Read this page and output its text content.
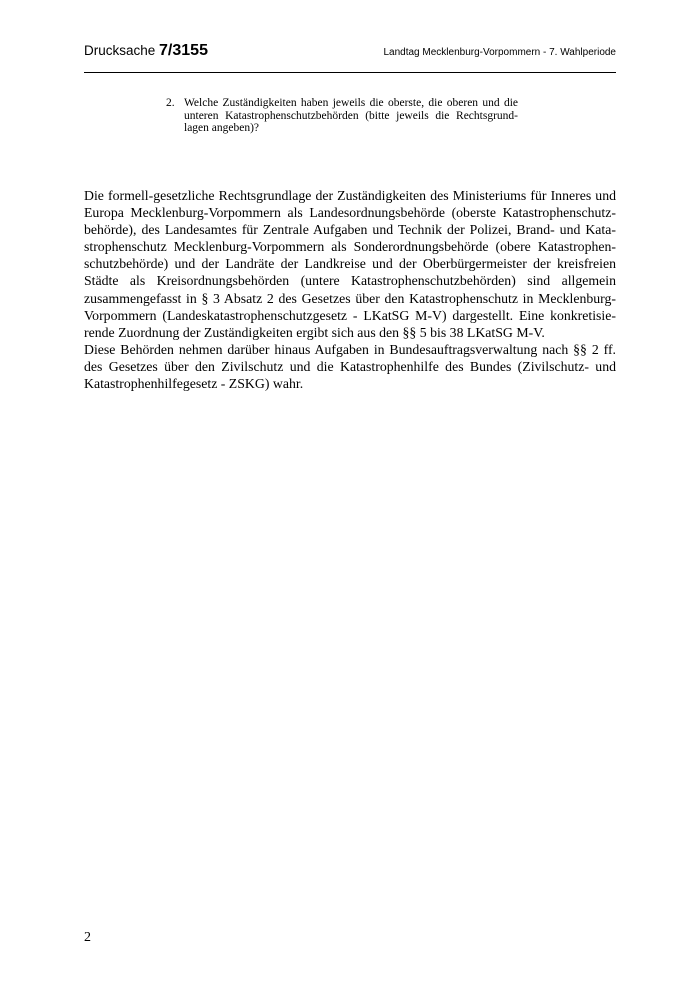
Drucksache 7/3155	Landtag Mecklenburg-Vorpommern - 7. Wahlperiode
2. Welche Zuständigkeiten haben jeweils die oberste, die oberen und die unteren Katastrophenschutzbehörden (bitte jeweils die Rechtsgrundlagen angeben)?

Die formell-gesetzliche Rechtsgrundlage der Zuständigkeiten des Ministeriums für Inneres und Europa Mecklenburg-Vorpommern als Landesordnungsbehörde (oberste Katastrophenschutzbehörde), des Landesamtes für Zentrale Aufgaben und Technik der Polizei, Brand- und Katastrophenschutz Mecklenburg-Vorpommern als Sonderordnungsbehörde (obere Katastrophenschutzbehörde) und der Landräte der Landkreise und der Oberbürgermeister der kreisfreien Städte als Kreisordnungsbehörden (untere Katastrophenschutzbehörden) sind allgemein zusammengefasst in § 3 Absatz 2 des Gesetzes über den Katastrophenschutz in Mecklenburg-Vorpommern (Landeskatastrophenschutzgesetz - LKatSG M-V) dargestellt. Eine konkretisierende Zuordnung der Zuständigkeiten ergibt sich aus den §§ 5 bis 38 LKatSG M-V.

Diese Behörden nehmen darüber hinaus Aufgaben in Bundesauftragsverwaltung nach §§ 2 ff. des Gesetzes über den Zivilschutz und die Katastrophenhilfe des Bundes (Zivilschutz- und Katastrophenhilfegesetz - ZSKG) wahr.

2
